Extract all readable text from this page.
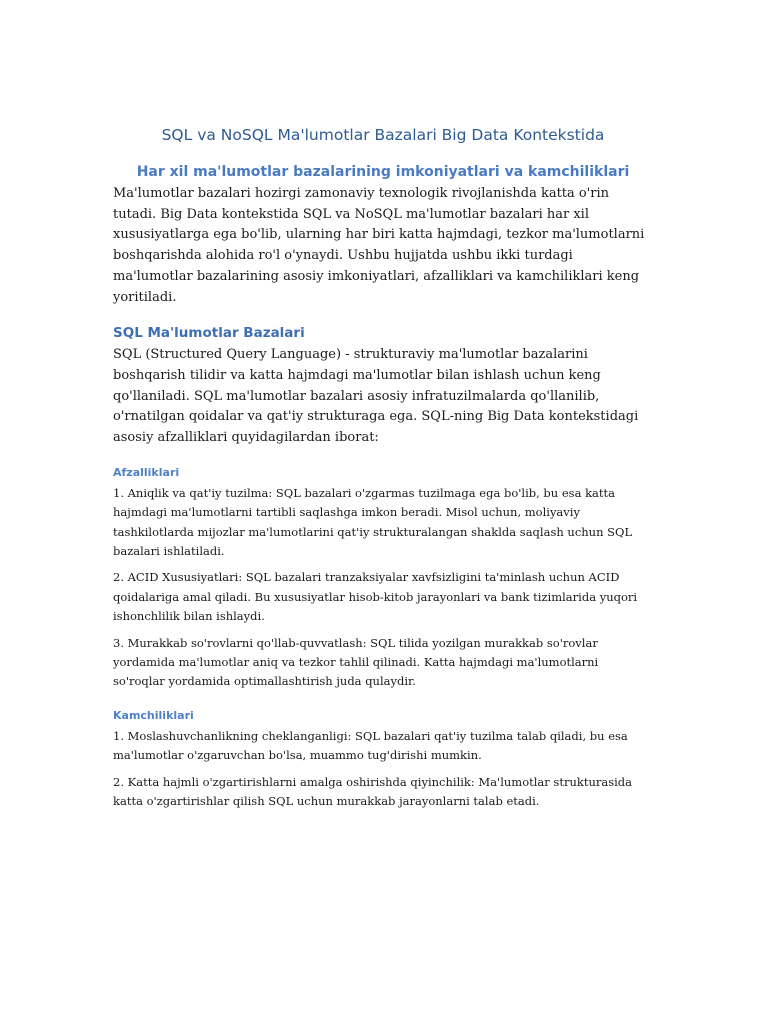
SQL va NoSQL Ma'lumotlar Bazalari Big Data Kontekstida
Har xil ma'lumotlar bazalarining imkoniyatlari va kamchiliklari

Ma'lumotlar bazalari hozirgi zamonaviy texnologik rivojlanishda katta o'rin tutadi. Big Data kontekstida SQL va NoSQL ma'lumotlar bazalari har xil xususiyatlarga ega bo'lib, ularning har biri katta hajmdagi, tezkor ma'lumotlarni boshqarishda alohida ro'l o'ynaydi. Ushbu hujjatda ushbu ikki turdagi ma'lumotlar bazalarining asosiy imkoniyatlari, afzalliklari va kamchiliklari keng yoritiladi.

SQL Ma'lumotlar Bazalari

SQL (Structured Query Language) - strukturaviy ma'lumotlar bazalarini boshqarish tilidir va katta hajmdagi ma'lumotlar bilan ishlash uchun keng qo'llaniladi. SQL ma'lumotlar bazalari asosiy infratuzilmalarda qo'llanilib, o'rnatilgan qoidalar va qat'iy strukturaga ega. SQL-ning Big Data kontekstidagi asosiy afzalliklari quyidagilardan iborat:

Afzalliklari

1. Aniqlik va qat'iy tuzilma: SQL bazalari o'zgarmas tuzilmaga ega bo'lib, bu esa katta hajmdagi ma'lumotlarni tartibli saqlashga imkon beradi. Misol uchun, moliyaviy tashkilotlarda mijozlar ma'lumotlarini qat'iy strukturalangan shaklda saqlash uchun SQL bazalari ishlatiladi.

2. ACID Xususiyatlari: SQL bazalari tranzaksiyalar xavfsizligini ta'minlash uchun ACID qoidalariga amal qiladi. Bu xususiyatlar hisob-kitob jarayonlari va bank tizimlarida yuqori ishonchlilik bilan ishlaydi.

3. Murakkab so'rovlarni qo'llab-quvvatlash: SQL tilida yozilgan murakkab so'rovlar yordamida ma'lumotlar aniq va tezkor tahlil qilinadi. Katta hajmdagi ma'lumotlarni so'roqlar yordamida optimallashtirish juda qulaydir.

Kamchiliklari

1. Moslashuvchanlikning cheklanganligi: SQL bazalari qat'iy tuzilma talab qiladi, bu esa ma'lumotlar o'zgaruvchan bo'lsa, muammo tug'dirishi mumkin.

2. Katta hajmli o'zgartirishlarni amalga oshirishda qiyinchilik: Ma'lumotlar strukturasida katta o'zgartirishlar qilish SQL uchun murakkab jarayonlarni talab etadi.
